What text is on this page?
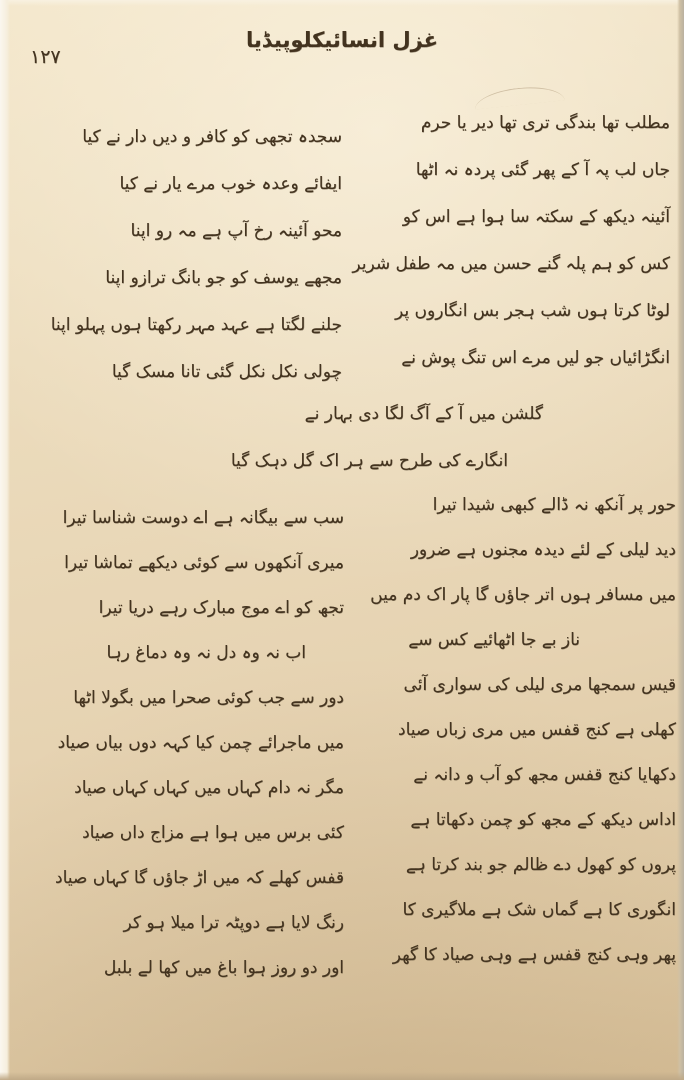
غزل انسائیکلوپیڈیا
۱۲۷
مطلب تھا بندگی تری تھا دیر یا حرم
جاں لب پہ آ کے پھر گئی پردہ نہ اٹھا
آئینہ دیکھ کے سکتہ سا ہوا ہے اس کو
کس کو ہم پلہ گنے حسن میں مہ طفل شریر
لوٹا کرتا ہوں شب ہجر بس انگاروں پر
انگڑائیاں جو لیں مرے اس تنگ پوش نے
سجدہ تجھی کو کافر و دیں دار نے کیا
ایفائے وعدہ خوب مرے یار نے کیا
محو آئینہ رخ آپ ہے مہ رو اپنا
مجھے یوسف کو جو بانگ ترازو اپنا
جلنے لگتا ہے عہد مہر رکھتا ہوں پہلو اپنا
چولی نکل نکل گئی تانا مسک گیا
گلشن میں آ کے آگ لگا دی بہار نے
انگارے کی طرح سے ہر اک گل دہک گیا
حور پر آنکھ نہ ڈالے کبھی شیدا تیرا
دید لیلی کے لئے دیدہ مجنوں ہے ضرور
میں مسافر ہوں اتر جاؤں گا پار اک دم میں
ناز بے جا اٹھائیے کس سے
قیس سمجھا مری لیلی کی سواری آئی
کھلی ہے کنج قفس میں مری زباں صیاد
دکھایا کنج قفس مجھ کو آب و دانہ نے
اداس دیکھ کے مجھ کو چمن دکھاتا ہے
پروں کو کھول دے ظالم جو بند کرتا ہے
انگوری کا ہے گماں شک ہے ملاگیری کا
پھر وہی کنج قفس ہے وہی صیاد کا گھر
سب سے بیگانہ ہے اے دوست شناسا تیرا
میری آنکھوں سے کوئی دیکھے تماشا تیرا
تجھ کو اے موج مبارک رہے دریا تیرا
اب نہ وہ دل نہ وہ دماغ رہا
دور سے جب کوئی صحرا میں بگولا اٹھا
میں ماجرائے چمن کیا کہہ دوں بیاں صیاد
مگر نہ دام کہاں میں کہاں کہاں صیاد
کئی برس میں ہوا ہے مزاج داں صیاد
قفس کھلے کہ میں اڑ جاؤں گا کہاں صیاد
رنگ لایا ہے دوپٹہ ترا میلا ہو کر
اور دو روز ہوا باغ میں کھا لے بلبل
